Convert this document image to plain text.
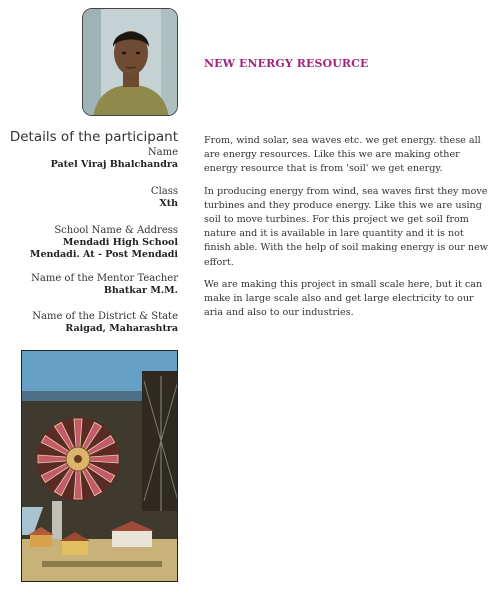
NEW ENERGY RESOURCE
Details of the participant
Name
Patel Viraj Bhalchandra
Class
Xth
School Name & Address
Mendadi High School
Mendadi. At - Post Mendadi
Name of the Mentor Teacher
Bhatkar M.M.
Name of the District & State
Raigad, Maharashtra

From, wind solar, sea waves etc. we get energy. these all are energy resources. Like this we are making other energy resource that is from 'soil' we get energy.

In producing energy from wind, sea waves first they move turbines and they produce energy. Like this we are using soil to move turbines. For this project we get soil from nature and it is available in lare quantity and it is not finish able. With the help of soil making energy is our new effort.

We are making this project in small scale here, but it can make in large scale also and get large electricity to our aria and also to our industries.
